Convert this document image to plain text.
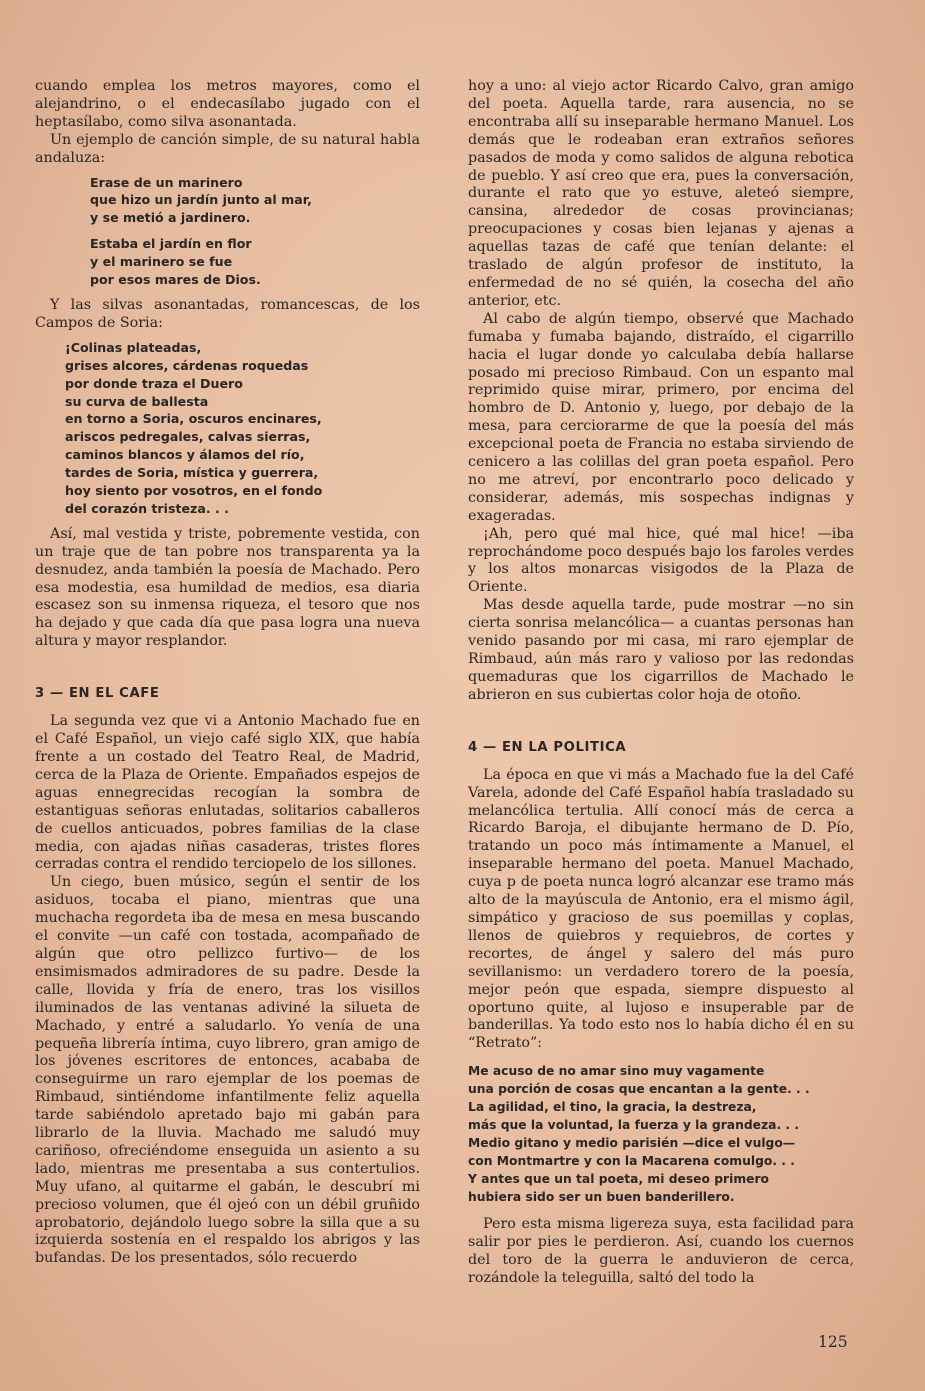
cuando emplea los metros mayores, como el alejandrino, o el endecasílabo jugado con el heptasílabo, como silva asonantada.

Un ejemplo de canción simple, de su natural habla andaluza:

Erase de un marinero

que hizo un jardín junto al mar,

y se metió a jardinero.

Estaba el jardín en flor

y el marinero se fue

por esos mares de Dios.

Y las silvas asonantadas, romancescas, de los Campos de Soria:

¡Colinas plateadas,

grises alcores, cárdenas roquedas

por donde traza el Duero

su curva de ballesta

en torno a Soria, oscuros encinares,

ariscos pedregales, calvas sierras,

caminos blancos y álamos del río,

tardes de Soria, mística y guerrera,

hoy siento por vosotros, en el fondo

del corazón tristeza. . .

Así, mal vestida y triste, pobremente vestida, con un traje que de tan pobre nos transparenta ya la desnudez, anda también la poesía de Machado. Pero esa modestia, esa humildad de medios, esa diaria escasez son su inmensa riqueza, el tesoro que nos ha dejado y que cada día que pasa logra una nueva altura y mayor resplandor.

3 — EN EL CAFE

La segunda vez que vi a Antonio Machado fue en el Café Español, un viejo café siglo XIX, que había frente a un costado del Teatro Real, de Madrid, cerca de la Plaza de Oriente. Empañados espejos de aguas ennegrecidas recogían la sombra de estantiguas señoras enlutadas, solitarios caballeros de cuellos anticuados, pobres familias de la clase media, con ajadas niñas casaderas, tristes flores cerradas contra el rendido terciopelo de los sillones.

Un ciego, buen músico, según el sentir de los asiduos, tocaba el piano, mientras que una muchacha regordeta iba de mesa en mesa buscando el convite —un café con tostada, acompañado de algún que otro pellizco furtivo— de los ensimismados admiradores de su padre. Desde la calle, llovida y fría de enero, tras los visillos iluminados de las ventanas adiviné la silueta de Machado, y entré a saludarlo. Yo venía de una pequeña librería íntima, cuyo librero, gran amigo de los jóvenes escritores de entonces, acababa de conseguirme un raro ejemplar de los poemas de Rimbaud, sintiéndome infantilmente feliz aquella tarde sabiéndolo apretado bajo mi gabán para librarlo de la lluvia. Machado me saludó muy cariñoso, ofreciéndome enseguida un asiento a su lado, mientras me presentaba a sus contertulios. Muy ufano, al quitarme el gabán, le descubrí mi precioso volumen, que él ojeó con un débil gruñido aprobatorio, dejándolo luego sobre la silla que a su izquierda sostenía en el respaldo los abrigos y las bufandas. De los presentados, sólo recuerdo

hoy a uno: al viejo actor Ricardo Calvo, gran amigo del poeta. Aquella tarde, rara ausencia, no se encontraba allí su inseparable hermano Manuel. Los demás que le rodeaban eran extraños señores pasados de moda y como salidos de alguna rebotica de pueblo. Y así creo que era, pues la conversación, durante el rato que yo estuve, aleteó siempre, cansina, alrededor de cosas provincianas; preocupaciones y cosas bien lejanas y ajenas a aquellas tazas de café que tenían delante: el traslado de algún profesor de instituto, la enfermedad de no sé quién, la cosecha del año anterior, etc.

Al cabo de algún tiempo, observé que Machado fumaba y fumaba bajando, distraído, el cigarrillo hacia el lugar donde yo calculaba debía hallarse posado mi precioso Rimbaud. Con un espanto mal reprimido quise mirar, primero, por encima del hombro de D. Antonio y, luego, por debajo de la mesa, para cerciorarme de que la poesía del más excepcional poeta de Francia no estaba sirviendo de cenicero a las colillas del gran poeta español. Pero no me atreví, por encontrarlo poco delicado y considerar, además, mis sospechas indignas y exageradas.

¡Ah, pero qué mal hice, qué mal hice! —iba reprochándome poco después bajo los faroles verdes y los altos monarcas visigodos de la Plaza de Oriente.

Mas desde aquella tarde, pude mostrar —no sin cierta sonrisa melancólica— a cuantas personas han venido pasando por mi casa, mi raro ejemplar de Rimbaud, aún más raro y valioso por las redondas quemaduras que los cigarrillos de Machado le abrieron en sus cubiertas color hoja de otoño.

4 — EN LA POLITICA

La época en que vi más a Machado fue la del Café Varela, adonde del Café Español había trasladado su melancólica tertulia. Allí conocí más de cerca a Ricardo Baroja, el dibujante hermano de D. Pío, tratando un poco más íntimamente a Manuel, el inseparable hermano del poeta. Manuel Machado, cuya p de poeta nunca logró alcanzar ese tramo más alto de la mayúscula de Antonio, era el mismo ágil, simpático y gracioso de sus poemillas y coplas, llenos de quiebros y requiebros, de cortes y recortes, de ángel y salero del más puro sevillanismo: un verdadero torero de la poesía, mejor peón que espada, siempre dispuesto al oportuno quite, al lujoso e insuperable par de banderillas. Ya todo esto nos lo había dicho él en su “Retrato”:

Me acuso de no amar sino muy vagamente

una porción de cosas que encantan a la gente. . .

La agilidad, el tino, la gracia, la destreza,

más que la voluntad, la fuerza y la grandeza. . .

Medio gitano y medio parisién —dice el vulgo—

con Montmartre y con la Macarena comulgo. . .

Y antes que un tal poeta, mi deseo primero

hubiera sido ser un buen banderillero.

Pero esta misma ligereza suya, esta facilidad para salir por pies le perdieron. Así, cuando los cuernos del toro de la guerra le anduvieron de cerca, rozándole la teleguilla, saltó del todo la

125
